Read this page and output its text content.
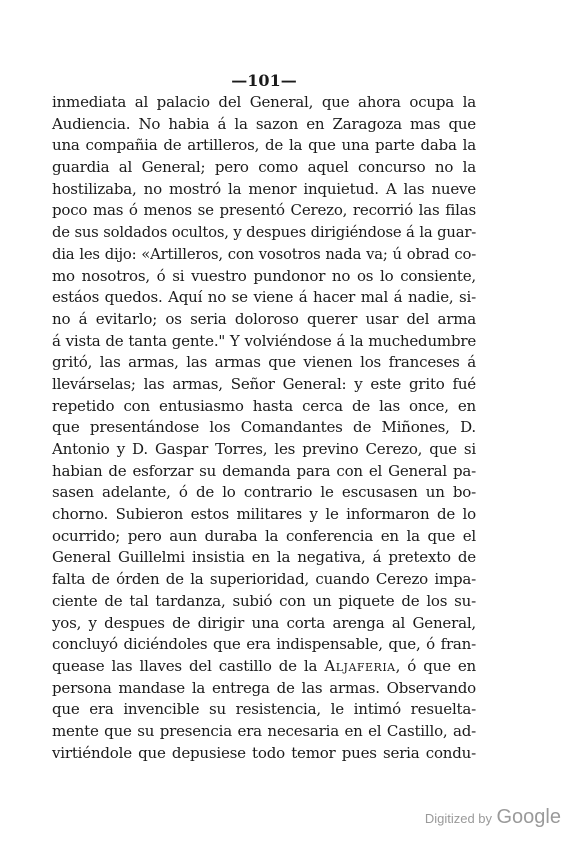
—101—
inmediata al palacio del General, que ahora ocupa la
Audiencia. No habia á la sazon en Zaragoza mas que
una compañia de artilleros, de la que una parte daba la
guardia al General; pero como aquel concurso no la
hostilizaba, no mostró la menor inquietud. A las nueve
poco mas ó menos se presentó Cerezo, recorrió las filas
de sus soldados ocultos, y despues dirigiéndose á la guar-
dia les dijo: «Artilleros, con vosotros nada va; ú obrad co-
mo nosotros, ó si vuestro pundonor no os lo consiente,
estáos quedos. Aquí no se viene á hacer mal á nadie, si-
no á evitarlo; os seria doloroso querer usar del arma
á vista de tanta gente." Y volviéndose á la muchedumbre
gritó, las armas, las armas que vienen los franceses á
llevárselas; las armas, Señor General: y este grito fué
repetido con entusiasmo hasta cerca de las once, en
que presentándose los Comandantes de Miñones, D.
Antonio y D. Gaspar Torres, les previno Cerezo, que si
habian de esforzar su demanda para con el General pa-
sasen adelante, ó de lo contrario le escusasen un bo-
chorno. Subieron estos militares y le informaron de lo
ocurrido; pero aun duraba la conferencia en la que el
General Guillelmi insistia en la negativa, á pretexto de
falta de órden de la superioridad, cuando Cerezo impa-
ciente de tal tardanza, subió con un piquete de los su-
yos, y despues de dirigir una corta arenga al General,
concluyó diciéndoles que era indispensable, que, ó fran-
quease las llaves del castillo de la Aljaferia, ó que en
persona mandase la entrega de las armas. Observando
que era invencible su resistencia, le intimó resuelta-
mente que su presencia era necesaria en el Castillo, ad-
virtiéndole que depusiese todo temor pues seria condu-
Digitized by Google
